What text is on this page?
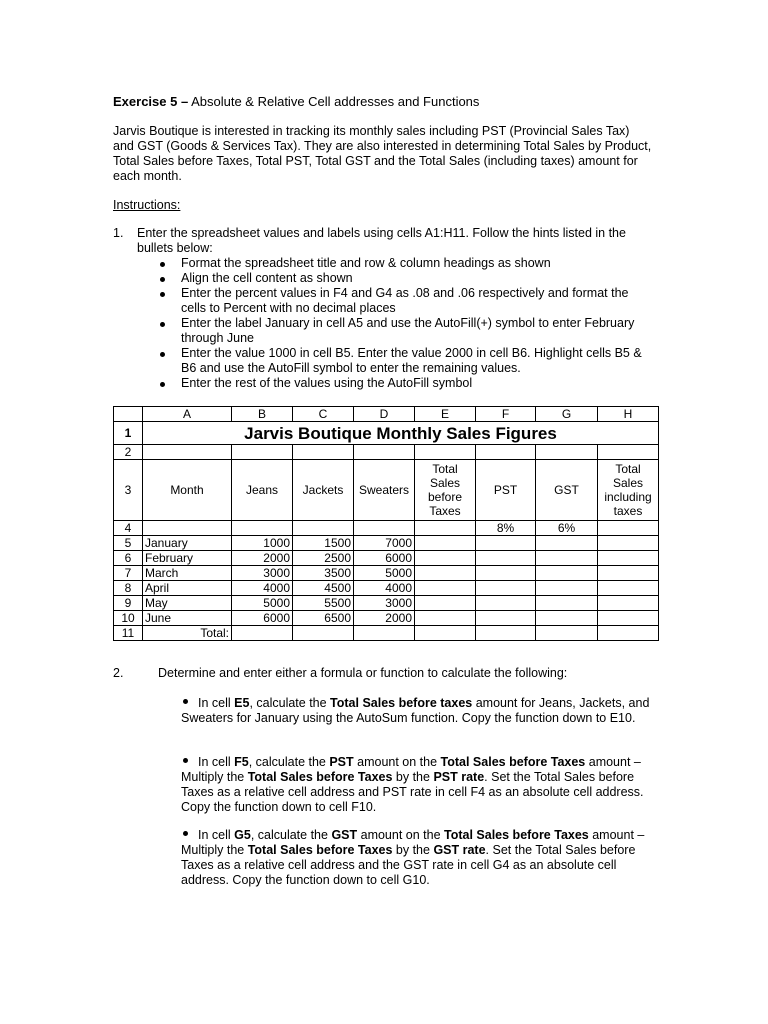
Exercise 5 – Absolute & Relative Cell addresses and Functions
Jarvis Boutique is interested in tracking its monthly sales including PST (Provincial Sales Tax) and GST (Goods & Services Tax). They are also interested in determining Total Sales by Product, Total Sales before Taxes, Total PST, Total GST and the Total Sales (including taxes) amount for each month.
Instructions:
1. Enter the spreadsheet values and labels using cells A1:H11. Follow the hints listed in the bullets below:
Format the spreadsheet title and row & column headings as shown
Align the cell content as shown
Enter the percent values in F4 and G4 as .08 and .06 respectively and format the cells to Percent with no decimal places
Enter the label January in cell A5 and use the AutoFill(+) symbol to enter February through June
Enter the value 1000 in cell B5. Enter the value 2000 in cell B6. Highlight cells B5 & B6 and use the AutoFill symbol to enter the remaining values.
Enter the rest of the values using the AutoFill symbol
	A	B	C	D	E	F	G	H
1	Jarvis Boutique Monthly Sales Figures							
2								
3	Month	Jeans	Jackets	Sweaters	Total Sales before Taxes	PST	GST	Total Sales including taxes
4						8%	6%	
5	January	1000	1500	7000				
6	February	2000	2500	6000				
7	March	3000	3500	5000				
8	April	4000	4500	4000				
9	May	5000	5500	3000				
10	June	6000	6500	2000				
11	Total:							
2.	Determine and enter either a formula or function to calculate the following:
In cell E5, calculate the Total Sales before taxes amount for Jeans, Jackets, and Sweaters for January using the AutoSum function. Copy the function down to E10.
In cell F5, calculate the PST amount on the Total Sales before Taxes amount – Multiply the Total Sales before Taxes by the PST rate. Set the Total Sales before Taxes as a relative cell address and PST rate in cell F4 as an absolute cell address. Copy the function down to cell F10.
In cell G5, calculate the GST amount on the Total Sales before Taxes amount – Multiply the Total Sales before Taxes by the GST rate. Set the Total Sales before Taxes as a relative cell address and the GST rate in cell G4 as an absolute cell address. Copy the function down to cell G10.
